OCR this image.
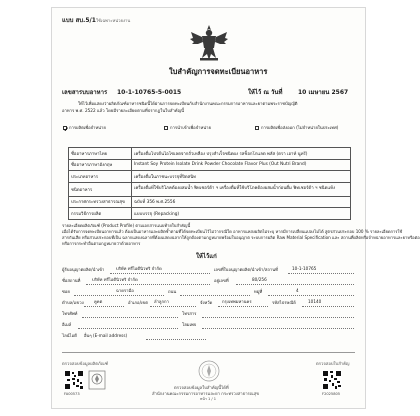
แบบ สบ.5/1 ใช้เฉพาะหน่วยงาน
ใบสำคัญการจดทะเบียนอาหาร
เลขสารบบอาหาร 10-1-10765-5-0015	ให้ไว้ ณ วันที่	10 เมษายน 2567
ให้ไว้เพื่อแสดงว่าผลิตภัณฑ์อาหารชนิดนี้ได้ผ่านการจดทะเบียนกับสำนักงานคณะกรรมการอาหารและยาตามพระราชบัญญัติ
อาหาร พ.ศ. 2522 แล้ว โดยมีรายละเอียดตามที่ปรากฏในใบสำคัญนี้
การผลิตเพื่อจำหน่าย	การนำเข้าเพื่อจำหน่าย	การผลิตเพื่อส่งออก (ไม่จำหน่ายในประเทศ)
ชื่ออาหารภาษาไทย	เครื่องดื่มโปรตีนไอโซเลตจากถั่วเหลือง ปรุงสำเร็จชนิดผง รสช็อกโกแลต พลัส (ตรา เอาท์ นูทรี)
ชื่ออาหารภาษาอังกฤษ	Instant Soy Protein Isolate Drink Powder Chocolate Flavor Plus (Out Nutri Brand)
ประเภทอาหาร	เครื่องดื่มในภาชนะบรรจุที่ปิดสนิท
ชนิดอาหาร	เครื่องดื่มที่ใช้บริโภคต้องผสมน้ำ ฟิทเชอร์ต้า ฯ เครื่องดื่มที่ใช้บริโภคต้องผสมน้ำก่อนดื่ม ฟิทเชอร์ต้า ฯ ชนิดแห้ง
ประกาศกระทรวงสาธารณสุข	ฉบับที่ 356 พ.ศ.2556
กรรมวิธีการผลิต	แบบบรรจุ (Repacking)
รายละเอียดผลิตภัณฑ์ (Product Profile) ตามเอกสารแนบท้ายใบสำคัญนี้
เมื่อได้รับการจดทะเบียนอาหารแล้ว ต้องเป็นอาหารและผลิตซ้ำตามที่ได้จดทะเบียนไว้ไม่ว่ากรณีใด อาหารแหล่งผลิตไม่ระบุ หากมีการเปลี่ยนแปลงไม่ได้ สูตรส่วนประกอบ 100 % รายละเอียดการใช้
สารกันเสีย หรือส่วนประกอบที่เป็น ฉลากแสดงฉลากที่ต้องแสดงฉลากให้ถูกต้องตามกฎหมายพร้อมใบอนุญาต ระบบการผลิต Raw Material Specification และ สถานที่ผลิตหรือจำหน่ายอาหารและยาหรือต่อ
หรือการกระทำอื่นตามกฎหมายว่าด้วยอาหาร
ให้ไว้แก่
ผู้รับอนุญาตผลิต/นำเข้า	บริษัท ทรีไอดีนิวทริ จำกัด	เลขที่ใบอนุญาตผลิต/นำเข้า/สถานที่	10-1-10765
ชื่อสถานที่	บริษัท ทรีไอดีนิวทริ จำกัด	อยู่เลขที่	80/256
ซอย	ฉาดรามือ	ถนน	หมู่ที่	4
ตำบล/แขวง คูคต	อำเภอ/เขต ลำลูกกา	จังหวัด กรุงเทพมหานคร	รหัสไปรษณีย์	10140
โทรศัพท์	โทรสาร
อีเมล์	โฮมเพจ
ไลน์ไอดี อื่นๆ (E-mail address)
ตรวจสอบข้อมูลผลิตภัณฑ์
FA00573
ตรวจสอบข้อมูลใบสำคัญนี้ได้ที่
สำนักงานคณะกรรมการอาหารและยา กระทรวงสาธารณสุข
หน้า 1 / 1
ตรวจสอบใบสำคัญ
F2025805
